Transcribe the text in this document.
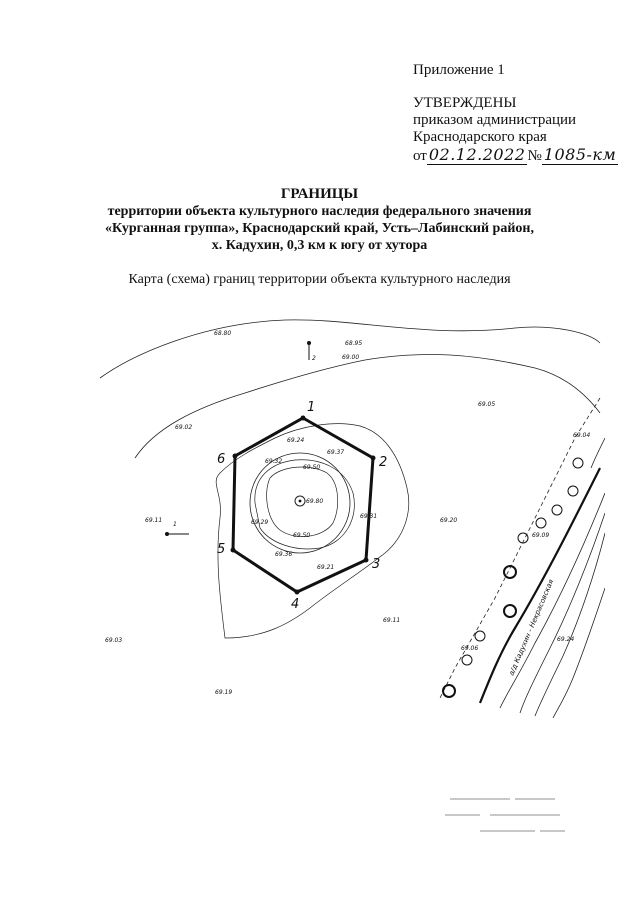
Приложение 1
УТВЕРЖДЕНЫ
приказом администрации
Краснодарского края
от 02.12.2022 № 1085-км
ГРАНИЦЫ
территории объекта культурного наследия федерального значения
«Курганная группа», Краснодарский край, Усть–Лабинский район,
х. Кадухин, 0,3 км к югу от хутора
Карта (схема) границ территории объекта культурного наследия
1
2
3
4
5
6
2
1
а/д Кадухин - Некрасовская
68.80
68.95
69.00
69.05
69.02
69.24
69.37
69.32
69.50
69.80
69.29
69.31
69.50
69.36
69.21
69.11	69.20
69.11
69.03
69.19
69.09
69.06
69.24
69.04
